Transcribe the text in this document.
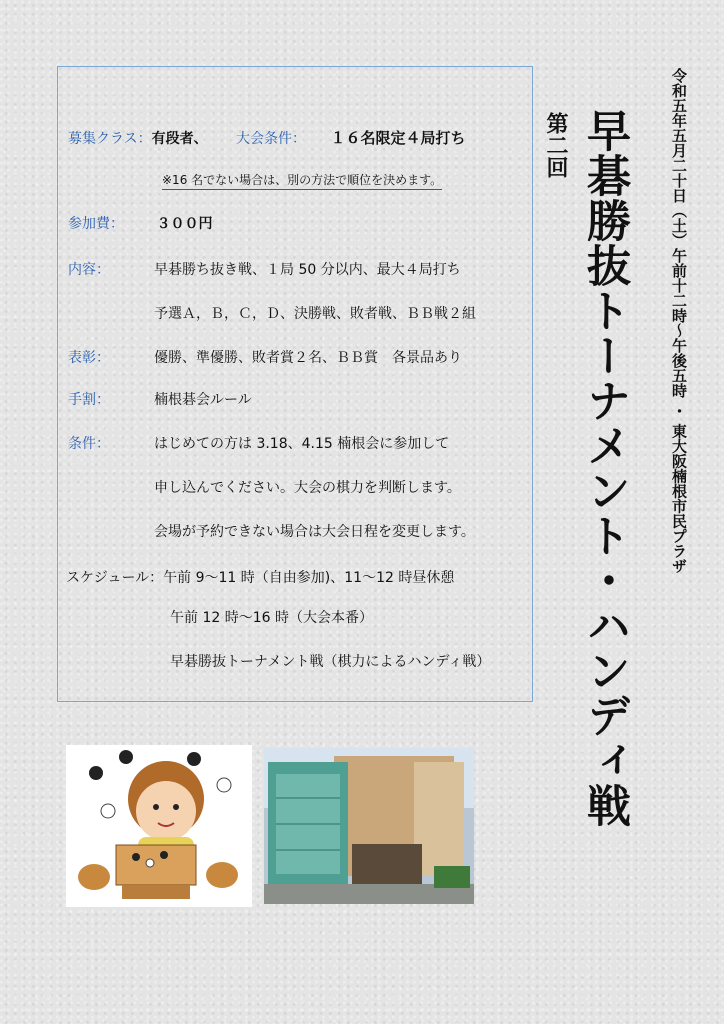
募集クラス：有段者、 大会条件： １６名限定４局打ち
※16 名でない場合は、別の方法で順位を決めます。
参加費： ３００円
内容：	早碁勝ち抜き戦、１局 50 分以内、最大４局打ち
予選Ａ，Ｂ，Ｃ，Ｄ、決勝戦、敗者戦、ＢＢ戦２組
表彰：	優勝、準優勝、敗者賞２名、ＢＢ賞　各景品あり
手割：	楠根碁会ルール
条件：	はじめての方は 3.18、4.15 楠根会に参加して
申し込んでください。大会の棋力を判断します。
会場が予約できない場合は大会日程を変更します。
スケジュール：午前 9～11 時（自由参加)、11～12 時昼休憩
午前 12 時～16 時（大会本番）
早碁勝抜トーナメント戦（棋力によるハンディ戦）
令和五年五月二十日（土）午前十二時～午後五時 ・ 東大阪楠根市民プラザ
早碁勝抜トーナメント・ハンディ戦
第二回
